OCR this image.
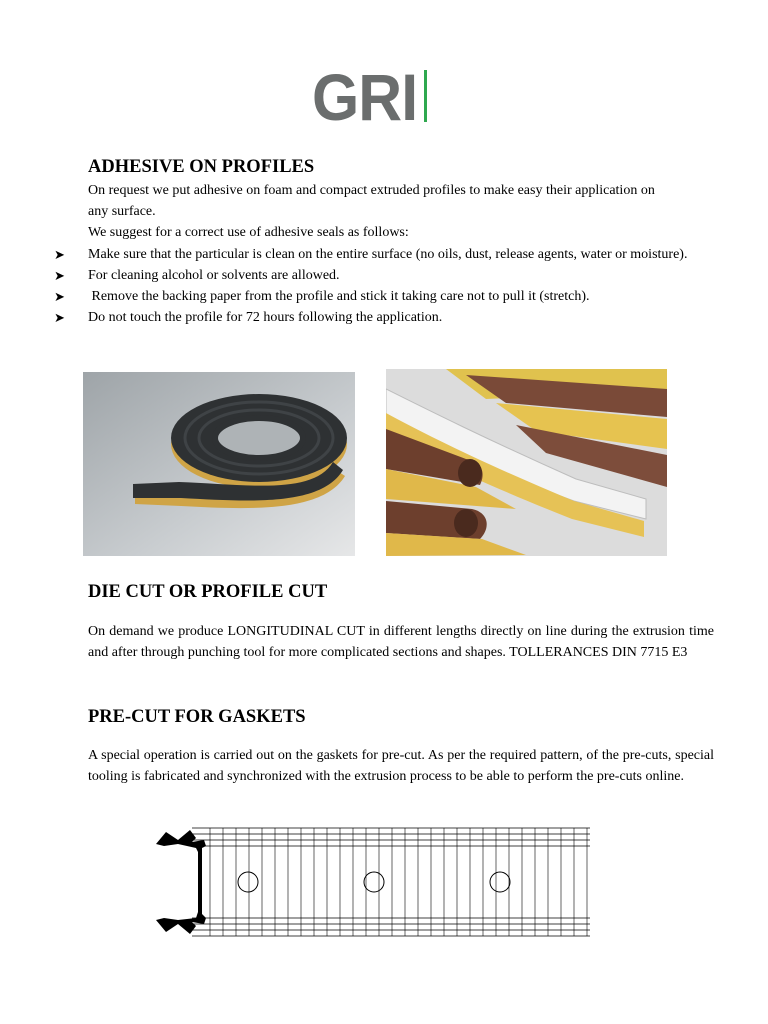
GRI
ADHESIVE ON PROFILES

On request we put adhesive on foam and compact extruded profiles to make easy their application on

any surface.

We suggest for a correct use of adhesive seals as follows:

➤ Make sure that the particular is clean on the entire surface (no oils, dust, release agents, water or moisture).
➤ For cleaning alcohol or solvents are allowed.
➤ Remove the backing paper from the profile and stick it taking care not to pull it (stretch).
➤ Do not touch the profile for 72 hours following the application.
DIE CUT OR PROFILE CUT

On demand we produce LONGITUDINAL CUT in different lengths directly on line during the extrusion time and after through punching tool for more complicated sections and shapes. TOLLERANCES DIN 7715 E3

PRE-CUT FOR GASKETS

A special operation is carried out on the gaskets for pre-cut. As per the required pattern, of the pre-cuts, special tooling is fabricated and synchronized with the extrusion process to be able to perform the pre-cuts online.
